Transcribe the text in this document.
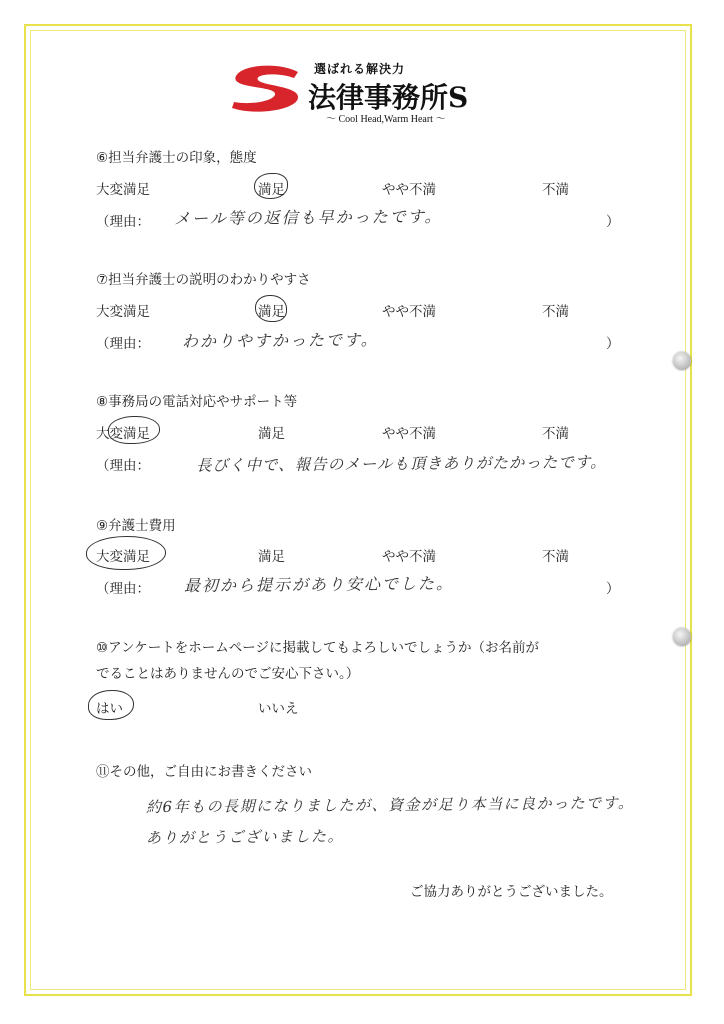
選ばれる解決力
法律事務所S
～ Cool Head,Warm Heart ～
⑥担当弁護士の印象，態度
大変満足	満足	やや不満	不満
（理由： メール等の返信も早かったです。	）
⑦担当弁護士の説明のわかりやすさ
大変満足	満足	やや不満	不満
（理由： わかりやすかったです。	）
⑧事務局の電話対応やサポート等
大変満足	満足	やや不満	不満
（理由：	長びく中で、報告のメールも頂きありがたかったです。
⑨弁護士費用
大変満足	満足	やや不満	不満
（理由： 最初から提示があり安心でした。	）
⑩アンケートをホームページに掲載してもよろしいでしょうか（お名前が
でることはありませんのでご安心下さい。）
はい	いいえ
⑪その他，ご自由にお書きください
約6年もの長期になりましたが、資金が足り本当に良かったです。
ありがとうございました。
ご協力ありがとうございました。
